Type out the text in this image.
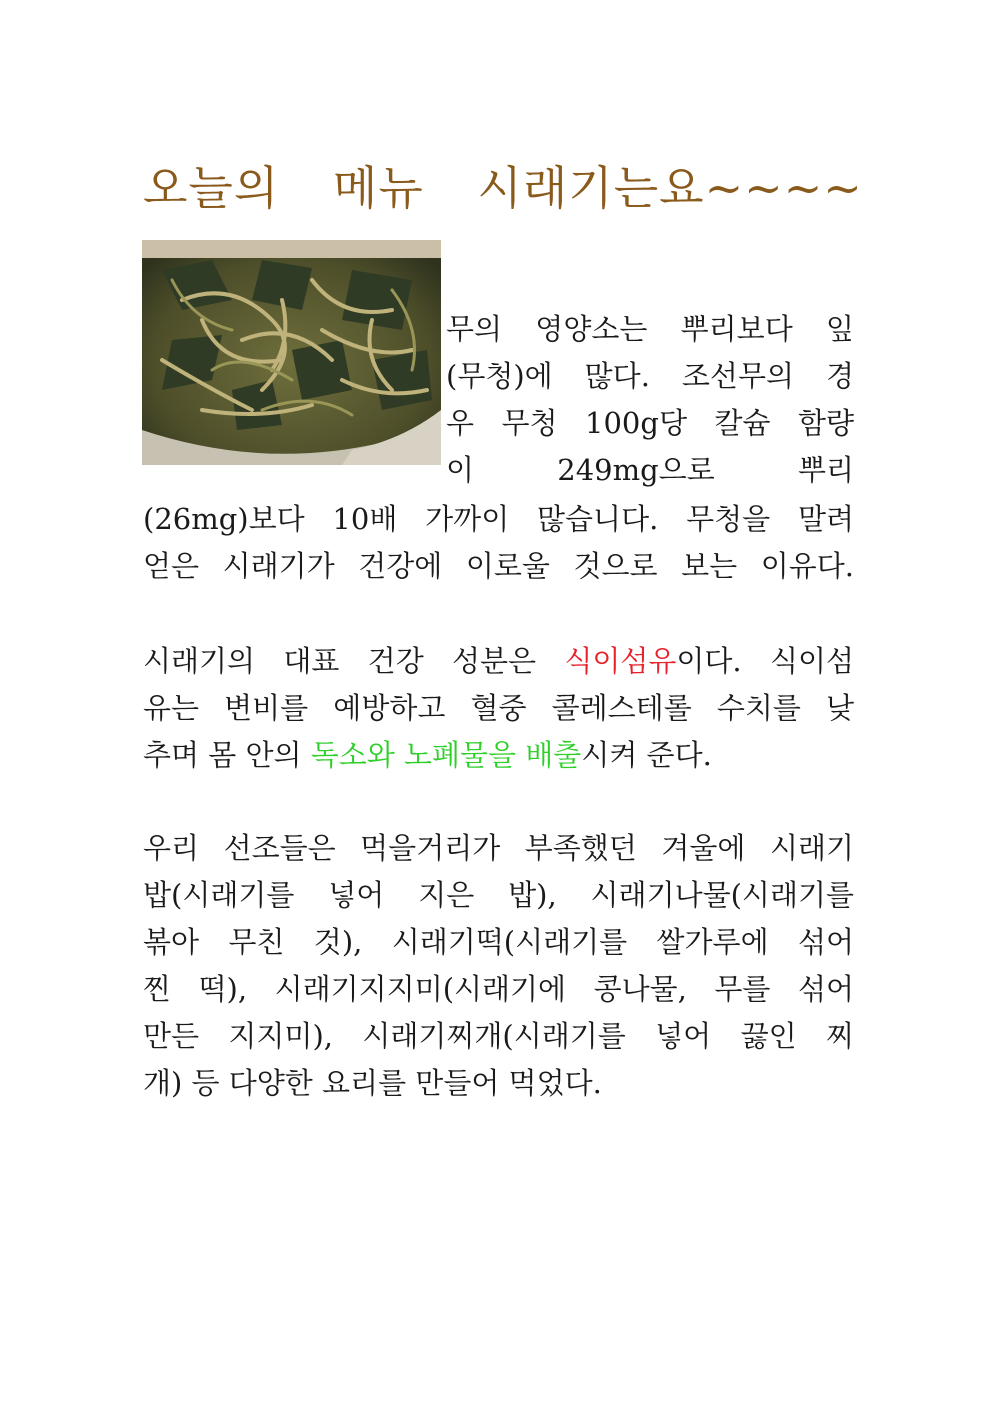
오늘의 메뉴 시래기는요~~~~
무의 영양소는 뿌리보다 잎
(무청)에 많다. 조선무의 경
우 무청 100g당 칼슘 함량
이 249mg으로 뿌리
(26mg)보다 10배 가까이 많습니다. 무청을 말려
얻은 시래기가 건강에 이로울 것으로 보는 이유다.
시래기의 대표 건강 성분은 식이섬유이다. 식이섬
유는 변비를 예방하고 혈중 콜레스테롤 수치를 낮
추며 몸 안의 독소와 노폐물을 배출시켜 준다.
우리 선조들은 먹을거리가 부족했던 겨울에 시래기
밥(시래기를 넣어 지은 밥), 시래기나물(시래기를
볶아 무친 것), 시래기떡(시래기를 쌀가루에 섞어
찐 떡), 시래기지지미(시래기에 콩나물, 무를 섞어
만든 지지미), 시래기찌개(시래기를 넣어 끓인 찌
개) 등 다양한 요리를 만들어 먹었다.
